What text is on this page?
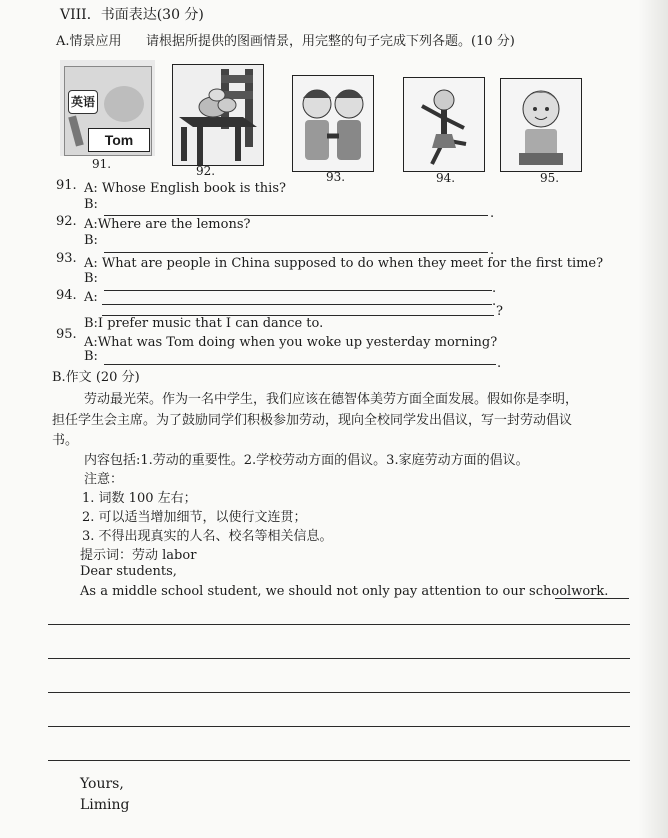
VIII．书面表达(30 分)
A.情景应用 请根据所提供的图画情景，用完整的句子完成下列各题。(10 分)
英语
Tom
91.	92.	93.	94.	95.
91. A: Whose English book is this?
B:
.
92. A:Where are the lemons?
B:
.
93. A: What are people in China supposed to do when they meet for the first time?
B:
.
94. A:	.
?
B:I prefer music that I can dance to.
95.
A:What was Tom doing when you woke up yesterday morning?
B:	.
B.作文 (20 分)
劳动最光荣。作为一名中学生，我们应该在德智体美劳方面全面发展。假如你是李明，
担任学生会主席。为了鼓励同学们积极参加劳动，现向全校同学发出倡议，写一封劳动倡议
书。
内容包括:1.劳动的重要性。2.学校劳动方面的倡议。3.家庭劳动方面的倡议。
注意：
1. 词数 100 左右；
2. 可以适当增加细节，以使行文连贯；
3. 不得出现真实的人名、校名等相关信息。
提示词：劳动 labor
Dear students,
As a middle school student, we should not only pay attention to our schoolwork.
Yours,
Liming
